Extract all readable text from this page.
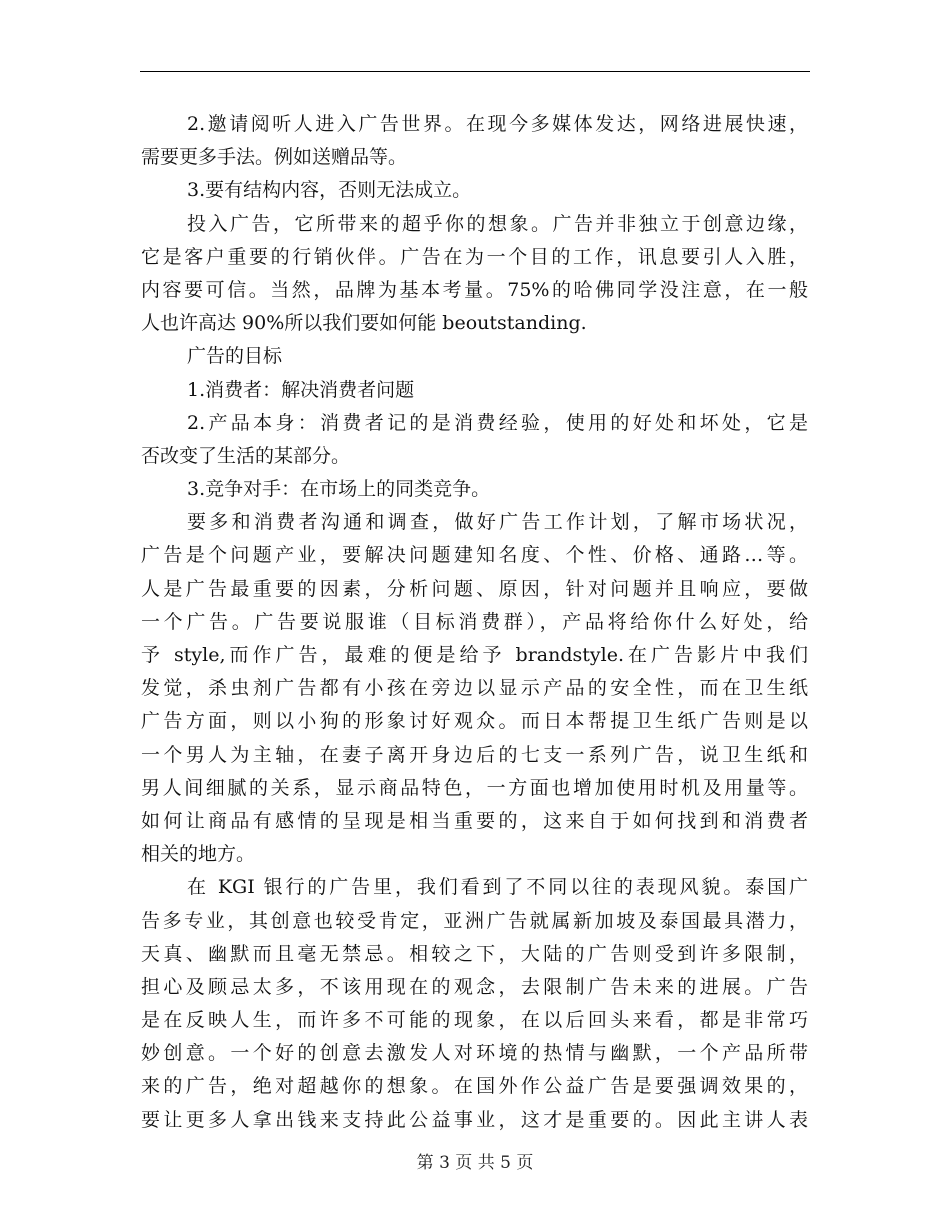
2.邀请阅听人进入广告世界。在现今多媒体发达，网络进展快速，
需要更多手法。例如送赠品等。
3.要有结构内容，否则无法成立。
投入广告，它所带来的超乎你的想象。广告并非独立于创意边缘，
它是客户重要的行销伙伴。广告在为一个目的工作，讯息要引人入胜，
内容要可信。当然，品牌为基本考量。75%的哈佛同学没注意，在一般
人也许高达 90%所以我们要如何能 beoutstanding.
广告的目标
1.消费者：解决消费者问题
2.产品本身：消费者记的是消费经验，使用的好处和坏处，它是
否改变了生活的某部分。
3.竞争对手：在市场上的同类竞争。
要多和消费者沟通和调查，做好广告工作计划，了解市场状况，
广告是个问题产业，要解决问题建知名度、个性、价格、通路…等。
人是广告最重要的因素，分析问题、原因，针对问题并且响应，要做
一个广告。广告要说服谁（目标消费群），产品将给你什么好处，给
予 style,而作广告，最难的便是给予 brandstyle.在广告影片中我们
发觉，杀虫剂广告都有小孩在旁边以显示产品的安全性，而在卫生纸
广告方面，则以小狗的形象讨好观众。而日本帮提卫生纸广告则是以
一个男人为主轴，在妻子离开身边后的七支一系列广告，说卫生纸和
男人间细腻的关系，显示商品特色，一方面也增加使用时机及用量等。
如何让商品有感情的呈现是相当重要的，这来自于如何找到和消费者
相关的地方。
在 KGI 银行的广告里，我们看到了不同以往的表现风貌。泰国广
告多专业，其创意也较受肯定，亚洲广告就属新加坡及泰国最具潜力，
天真、幽默而且毫无禁忌。相较之下，大陆的广告则受到许多限制，
担心及顾忌太多，不该用现在的观念，去限制广告未来的进展。广告
是在反映人生，而许多不可能的现象，在以后回头来看，都是非常巧
妙创意。一个好的创意去激发人对环境的热情与幽默，一个产品所带
来的广告，绝对超越你的想象。在国外作公益广告是要强调效果的，
要让更多人拿出钱来支持此公益事业，这才是重要的。因此主讲人表
第 3 页 共 5 页
